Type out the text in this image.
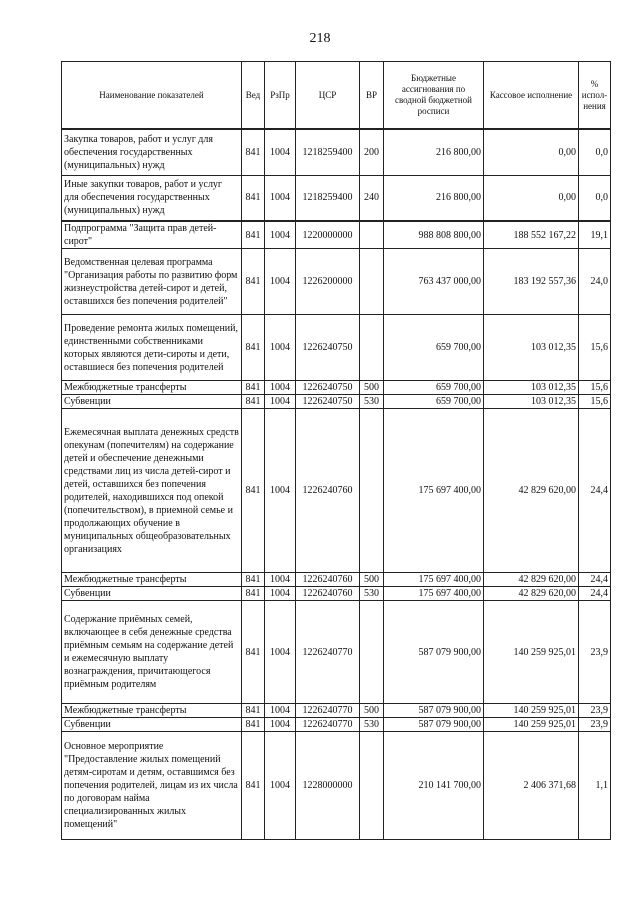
218
Наименование показателей	Вед	РзПр	ЦСР	ВР	Бюджетные ассигнования по сводной бюджетной росписи	Кассовое исполнение	% испол-нения
Закупка товаров, работ и услуг для обеспечения государственных (муниципальных) нужд	841	1004	1218259400	200	216 800,00	0,00	0,0
Иные закупки товаров, работ и услуг для обеспечения государственных (муниципальных) нужд	841	1004	1218259400	240	216 800,00	0,00	0,0
Подпрограмма "Защита прав детей-сирот"	841	1004	1220000000		988 808 800,00	188 552 167,22	19,1
Ведомственная целевая программа "Организация работы по развитию форм жизнеустройства детей-сирот и детей, оставшихся без попечения родителей"	841	1004	1226200000		763 437 000,00	183 192 557,36	24,0
Проведение ремонта жилых помещений, единственными собственниками которых являются дети-сироты и дети, оставшиеся без попечения родителей	841	1004	1226240750		659 700,00	103 012,35	15,6
Межбюджетные трансферты	841	1004	1226240750	500	659 700,00	103 012,35	15,6
Субвенции	841	1004	1226240750	530	659 700,00	103 012,35	15,6
Ежемесячная выплата денежных средств опекунам (попечителям) на содержание детей и обеспечение денежными средствами лиц из числа детей-сирот и детей, оставшихся без попечения родителей, находившихся под опекой (попечительством), в приемной семье и продолжающих обучение в муниципальных общеобразовательных организациях	841	1004	1226240760		175 697 400,00	42 829 620,00	24,4
Межбюджетные трансферты	841	1004	1226240760	500	175 697 400,00	42 829 620,00	24,4
Субвенции	841	1004	1226240760	530	175 697 400,00	42 829 620,00	24,4
Содержание приёмных семей, включающее в себя денежные средства приёмным семьям на содержание детей и ежемесячную выплату вознаграждения, причитающегося приёмным родителям	841	1004	1226240770		587 079 900,00	140 259 925,01	23,9
Межбюджетные трансферты	841	1004	1226240770	500	587 079 900,00	140 259 925,01	23,9
Субвенции	841	1004	1226240770	530	587 079 900,00	140 259 925,01	23,9
Основное мероприятие "Предоставление жилых помещений детям-сиротам и детям, оставшимся без попечения родителей, лицам из их числа по договорам найма специализированных жилых помещений"	841	1004	1228000000		210 141 700,00	2 406 371,68	1,1
